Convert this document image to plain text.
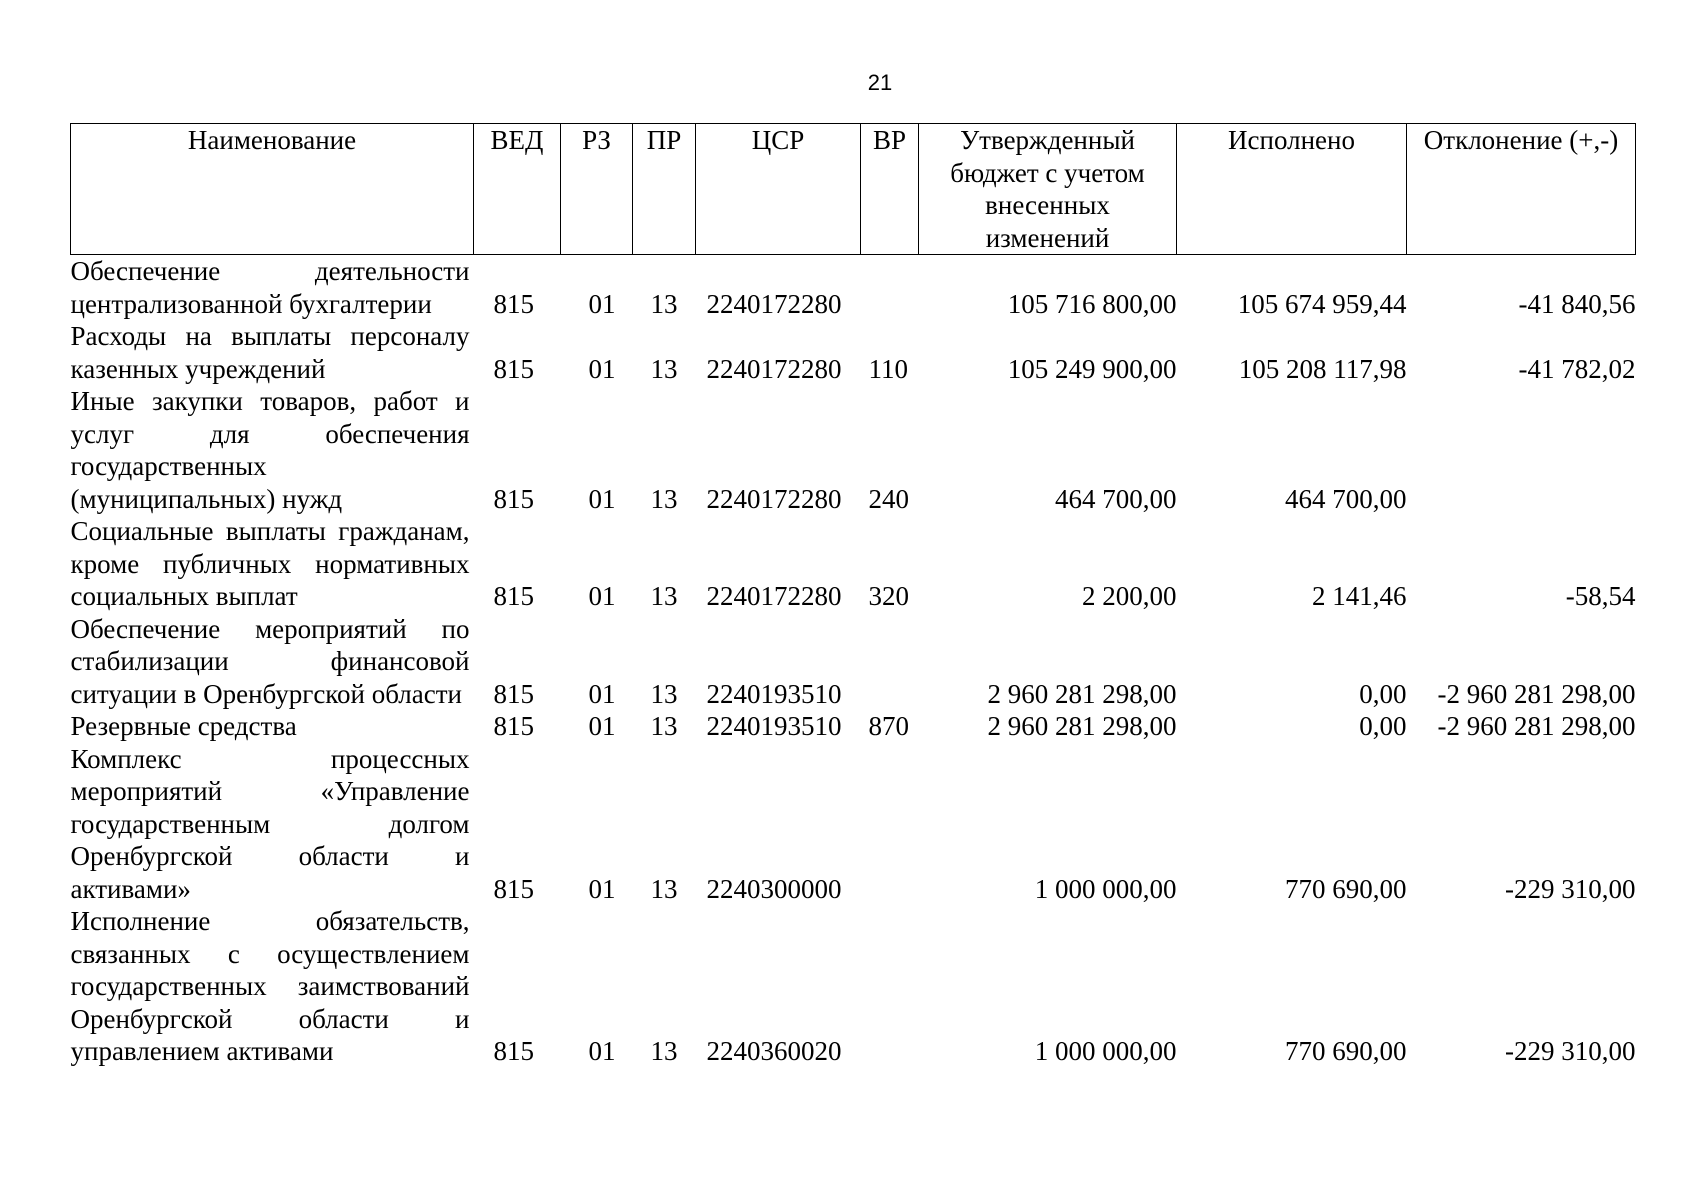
21
Наименование	ВЕД	РЗ	ПР	ЦСР	ВР	Утвержденный бюджет с учетом внесенных изменений	Исполнено	Отклонение (+,-)
Обеспечение деятельности централизованной бухгалтерии	815	01	13	2240172280		105 716 800,00	105 674 959,44	-41 840,56
Расходы на выплаты персоналу казенных учреждений	815	01	13	2240172280	110	105 249 900,00	105 208 117,98	-41 782,02
Иные закупки товаров, работ и услуг для обеспечения государственных (муниципальных) нужд	815	01	13	2240172280	240	464 700,00	464 700,00	
Социальные выплаты гражданам, кроме публичных нормативных социальных выплат	815	01	13	2240172280	320	2 200,00	2 141,46	-58,54
Обеспечение мероприятий по стабилизации финансовой ситуации в Оренбургской области	815	01	13	2240193510		2 960 281 298,00	0,00	-2 960 281 298,00
Резервные средства	815	01	13	2240193510	870	2 960 281 298,00	0,00	-2 960 281 298,00
Комплекс процессных мероприятий «Управление государственным долгом Оренбургской области и активами»	815	01	13	2240300000		1 000 000,00	770 690,00	-229 310,00
Исполнение обязательств, связанных с осуществлением государственных заимствований Оренбургской области и управлением активами	815	01	13	2240360020		1 000 000,00	770 690,00	-229 310,00
